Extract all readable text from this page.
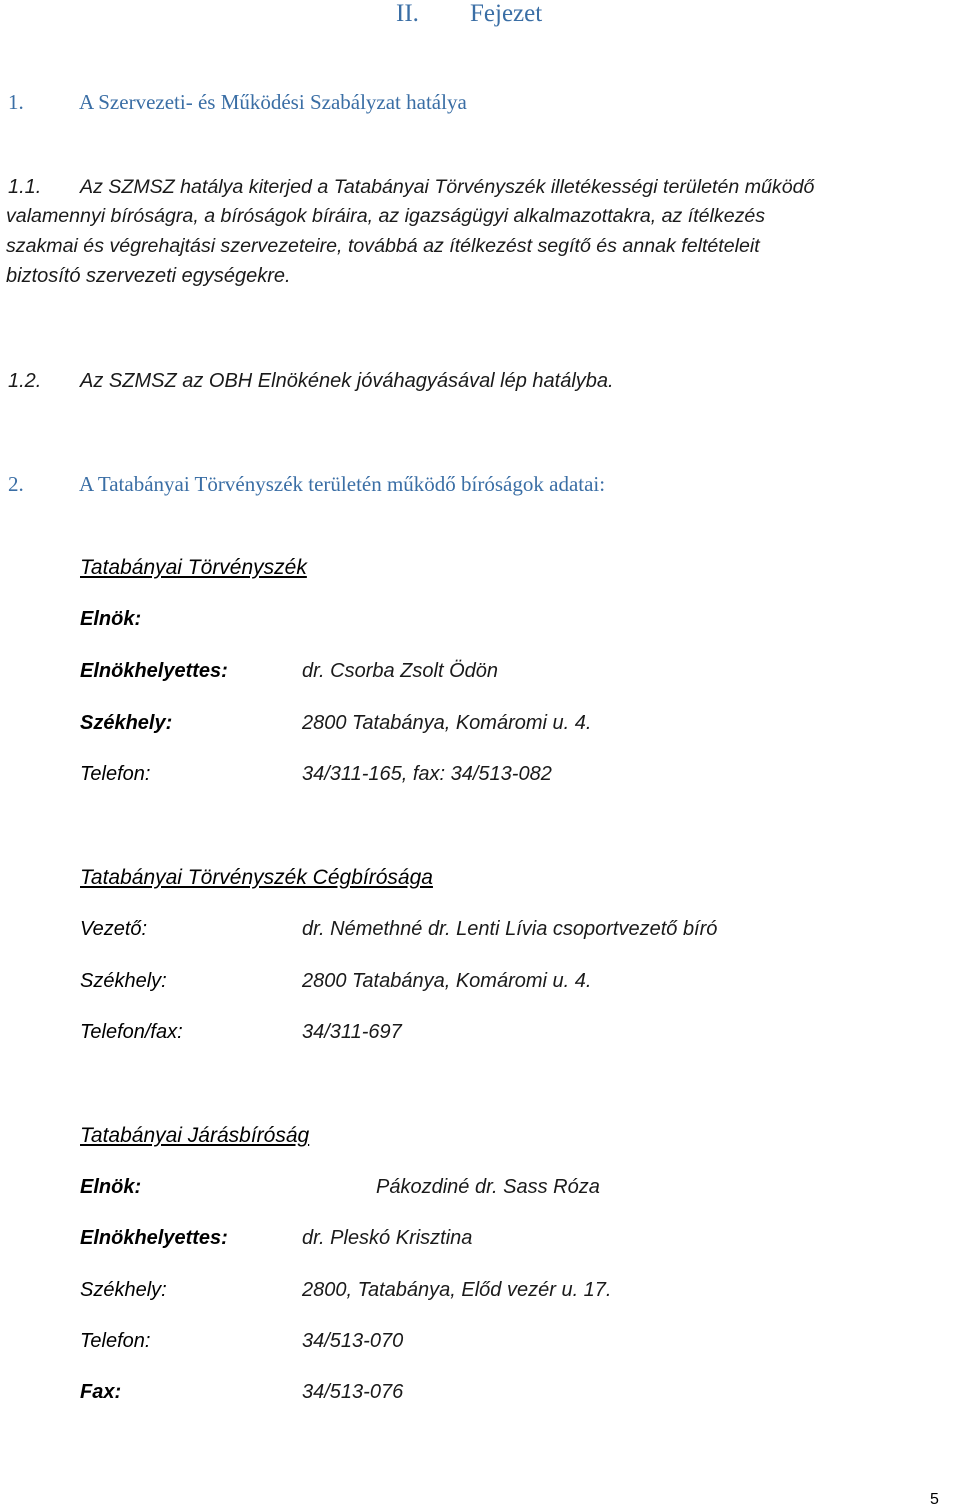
II. Fejezet
1.	A Szervezeti- és Működési Szabályzat hatálya
1.1. Az SZMSZ hatálya kiterjed a Tatabányai Törvényszék illetékességi területén működő
valamennyi bíróságra, a bíróságok bíráira, az igazságügyi alkalmazottakra, az ítélkezés
szakmai és végrehajtási szervezeteire, továbbá az ítélkezést segítő és annak feltételeit
biztosító szervezeti egységekre.
1.2. Az SZMSZ az OBH Elnökének jóváhagyásával lép hatályba.
2.	A Tatabányai Törvényszék területén működő bíróságok adatai:
Tatabányai Törvényszék
Elnök:
Elnökhelyettes:	dr. Csorba Zsolt Ödön
Székhely:	2800 Tatabánya, Komáromi u. 4.
Telefon:	34/311-165, fax: 34/513-082
Tatabányai Törvényszék Cégbírósága
Vezető:	dr. Némethné dr. Lenti Lívia csoportvezető bíró
Székhely:	2800 Tatabánya, Komáromi u. 4.
Telefon/fax:	34/311-697
Tatabányai Járásbíróság
Elnök:	Pákozdiné dr. Sass Róza
Elnökhelyettes:	dr. Pleskó Krisztina
Székhely:	2800, Tatabánya, Előd vezér u. 17.
Telefon:	34/513-070
Fax:	34/513-076
5
